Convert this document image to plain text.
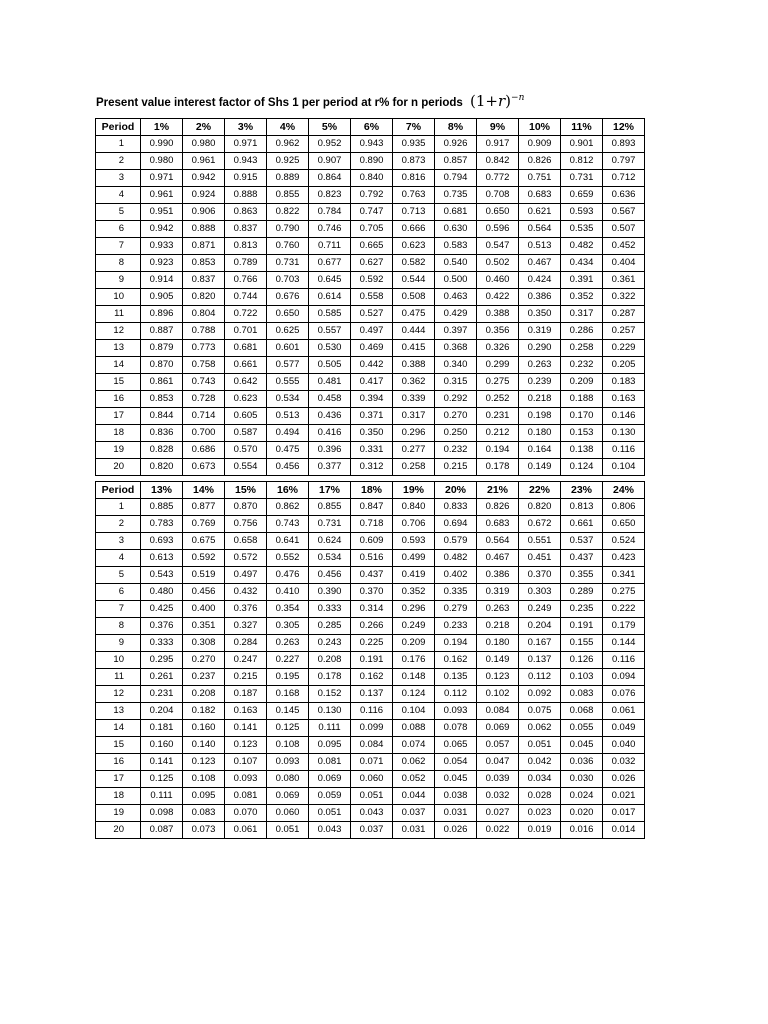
Present value interest factor of Shs 1 per period at r% for n periods $(1+r)^{-n}$
Period	1%	2%	3%	4%	5%	6%	7%	8%	9%	10%	11%	12%
1	0.990	0.980	0.971	0.962	0.952	0.943	0.935	0.926	0.917	0.909	0.901	0.893
2	0.980	0.961	0.943	0.925	0.907	0.890	0.873	0.857	0.842	0.826	0.812	0.797
3	0.971	0.942	0.915	0.889	0.864	0.840	0.816	0.794	0.772	0.751	0.731	0.712
4	0.961	0.924	0.888	0.855	0.823	0.792	0.763	0.735	0.708	0.683	0.659	0.636
5	0.951	0.906	0.863	0.822	0.784	0.747	0.713	0.681	0.650	0.621	0.593	0.567
6	0.942	0.888	0.837	0.790	0.746	0.705	0.666	0.630	0.596	0.564	0.535	0.507
7	0.933	0.871	0.813	0.760	0.711	0.665	0.623	0.583	0.547	0.513	0.482	0.452
8	0.923	0.853	0.789	0.731	0.677	0.627	0.582	0.540	0.502	0.467	0.434	0.404
9	0.914	0.837	0.766	0.703	0.645	0.592	0.544	0.500	0.460	0.424	0.391	0.361
10	0.905	0.820	0.744	0.676	0.614	0.558	0.508	0.463	0.422	0.386	0.352	0.322
11	0.896	0.804	0.722	0.650	0.585	0.527	0.475	0.429	0.388	0.350	0.317	0.287
12	0.887	0.788	0.701	0.625	0.557	0.497	0.444	0.397	0.356	0.319	0.286	0.257
13	0.879	0.773	0.681	0.601	0.530	0.469	0.415	0.368	0.326	0.290	0.258	0.229
14	0.870	0.758	0.661	0.577	0.505	0.442	0.388	0.340	0.299	0.263	0.232	0.205
15	0.861	0.743	0.642	0.555	0.481	0.417	0.362	0.315	0.275	0.239	0.209	0.183
16	0.853	0.728	0.623	0.534	0.458	0.394	0.339	0.292	0.252	0.218	0.188	0.163
17	0.844	0.714	0.605	0.513	0.436	0.371	0.317	0.270	0.231	0.198	0.170	0.146
18	0.836	0.700	0.587	0.494	0.416	0.350	0.296	0.250	0.212	0.180	0.153	0.130
19	0.828	0.686	0.570	0.475	0.396	0.331	0.277	0.232	0.194	0.164	0.138	0.116
20	0.820	0.673	0.554	0.456	0.377	0.312	0.258	0.215	0.178	0.149	0.124	0.104
Period	13%	14%	15%	16%	17%	18%	19%	20%	21%	22%	23%	24%
1	0.885	0.877	0.870	0.862	0.855	0.847	0.840	0.833	0.826	0.820	0.813	0.806
2	0.783	0.769	0.756	0.743	0.731	0.718	0.706	0.694	0.683	0.672	0.661	0.650
3	0.693	0.675	0.658	0.641	0.624	0.609	0.593	0.579	0.564	0.551	0.537	0.524
4	0.613	0.592	0.572	0.552	0.534	0.516	0.499	0.482	0.467	0.451	0.437	0.423
5	0.543	0.519	0.497	0.476	0.456	0.437	0.419	0.402	0.386	0.370	0.355	0.341
6	0.480	0.456	0.432	0.410	0.390	0.370	0.352	0.335	0.319	0.303	0.289	0.275
7	0.425	0.400	0.376	0.354	0.333	0.314	0.296	0.279	0.263	0.249	0.235	0.222
8	0.376	0.351	0.327	0.305	0.285	0.266	0.249	0.233	0.218	0.204	0.191	0.179
9	0.333	0.308	0.284	0.263	0.243	0.225	0.209	0.194	0.180	0.167	0.155	0.144
10	0.295	0.270	0.247	0.227	0.208	0.191	0.176	0.162	0.149	0.137	0.126	0.116
11	0.261	0.237	0.215	0.195	0.178	0.162	0.148	0.135	0.123	0.112	0.103	0.094
12	0.231	0.208	0.187	0.168	0.152	0.137	0.124	0.112	0.102	0.092	0.083	0.076
13	0.204	0.182	0.163	0.145	0.130	0.116	0.104	0.093	0.084	0.075	0.068	0.061
14	0.181	0.160	0.141	0.125	0.111	0.099	0.088	0.078	0.069	0.062	0.055	0.049
15	0.160	0.140	0.123	0.108	0.095	0.084	0.074	0.065	0.057	0.051	0.045	0.040
16	0.141	0.123	0.107	0.093	0.081	0.071	0.062	0.054	0.047	0.042	0.036	0.032
17	0.125	0.108	0.093	0.080	0.069	0.060	0.052	0.045	0.039	0.034	0.030	0.026
18	0.111	0.095	0.081	0.069	0.059	0.051	0.044	0.038	0.032	0.028	0.024	0.021
19	0.098	0.083	0.070	0.060	0.051	0.043	0.037	0.031	0.027	0.023	0.020	0.017
20	0.087	0.073	0.061	0.051	0.043	0.037	0.031	0.026	0.022	0.019	0.016	0.014
